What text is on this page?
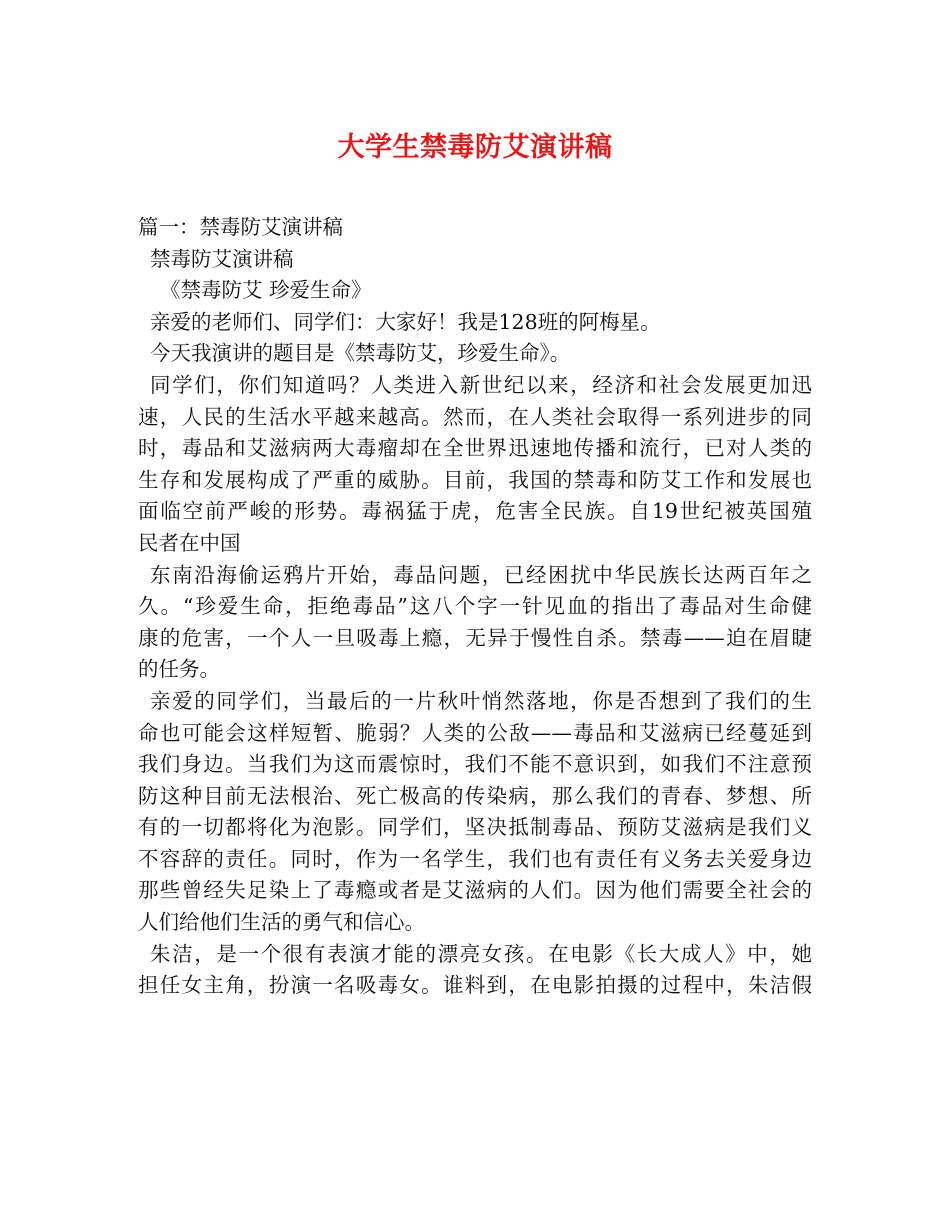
大学生禁毒防艾演讲稿
篇一：禁毒防艾演讲稿
禁毒防艾演讲稿
《禁毒防艾 珍爱生命》
亲爱的老师们、同学们：大家好！我是128班的阿梅星。
今天我演讲的题目是《禁毒防艾，珍爱生命》。
同学们，你们知道吗？人类进入新世纪以来，经济和社会发展更加迅
速，人民的生活水平越来越高。然而，在人类社会取得一系列进步的同
时，毒品和艾滋病两大毒瘤却在全世界迅速地传播和流行，已对人类的
生存和发展构成了严重的威胁。目前，我国的禁毒和防艾工作和发展也
面临空前严峻的形势。毒祸猛于虎，危害全民族。自19世纪被英国殖
民者在中国
东南沿海偷运鸦片开始，毒品问题，已经困扰中华民族长达两百年之
久。“珍爱生命，拒绝毒品”这八个字一针见血的指出了毒品对生命健
康的危害，一个人一旦吸毒上瘾，无异于慢性自杀。禁毒——迫在眉睫
的任务。
亲爱的同学们，当最后的一片秋叶悄然落地，你是否想到了我们的生
命也可能会这样短暂、脆弱？人类的公敌——毒品和艾滋病已经蔓延到
我们身边。当我们为这而震惊时，我们不能不意识到，如我们不注意预
防这种目前无法根治、死亡极高的传染病，那么我们的青春、梦想、所
有的一切都将化为泡影。同学们，坚决抵制毒品、预防艾滋病是我们义
不容辞的责任。同时，作为一名学生，我们也有责任有义务去关爱身边
那些曾经失足染上了毒瘾或者是艾滋病的人们。因为他们需要全社会的
人们给他们生活的勇气和信心。
朱洁，是一个很有表演才能的漂亮女孩。在电影《长大成人》中，她
担任女主角，扮演一名吸毒女。谁料到，在电影拍摄的过程中，朱洁假
